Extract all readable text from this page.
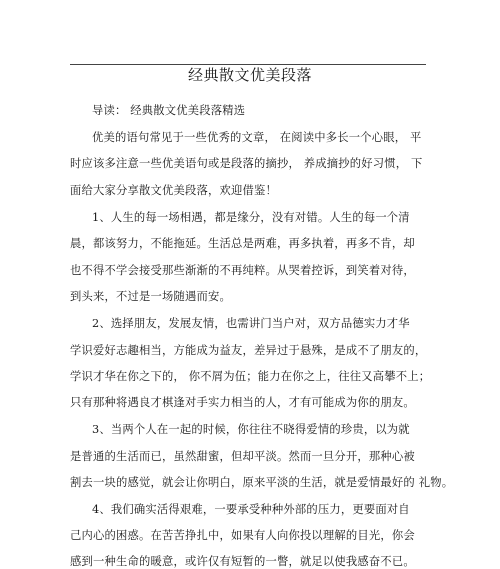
经典散文优美段落
导读： 经典散文优美段落精选
优美的语句常见于一些优秀的文章， 在阅读中多长一个心眼， 平
时应该多注意一些优美语句或是段落的摘抄， 养成摘抄的好习惯， 下
面给大家分享散文优美段落，欢迎借鉴！
1、人生的每一场相遇，都是缘分，没有对错。人生的每一个清
晨，都该努力，不能拖延。生活总是两难，再多执着，再多不肯，却
也不得不学会接受那些渐渐的不再纯粹。从哭着控诉，到笑着对待，
到头来，不过是一场随遇而安。
2、选择朋友，发展友情，也需讲门当户对，双方品德实力才华
学识爱好志趣相当，方能成为益友，差异过于悬殊，是成不了朋友的，
学识才华在你之下的， 你不屑为伍；能力在你之上，往往又高攀不上；
只有那种将遇良才棋逢对手实力相当的人，才有可能成为你的朋友。
3、当两个人在一起的时候，你往往不晓得爱情的珍贵，以为就
是普通的生活而已，虽然甜蜜，但却平淡。然而一旦分开，那种心被
割去一块的感觉，就会让你明白，原来平淡的生活，就是爱情最好的 礼物。
4、我们确实活得艰难，一要承受种种外部的压力，更要面对自
己内心的困惑。在苦苦挣扎中，如果有人向你投以理解的目光，你会
感到一种生命的暖意，或许仅有短暂的一瞥，就足以使我感奋不已。
